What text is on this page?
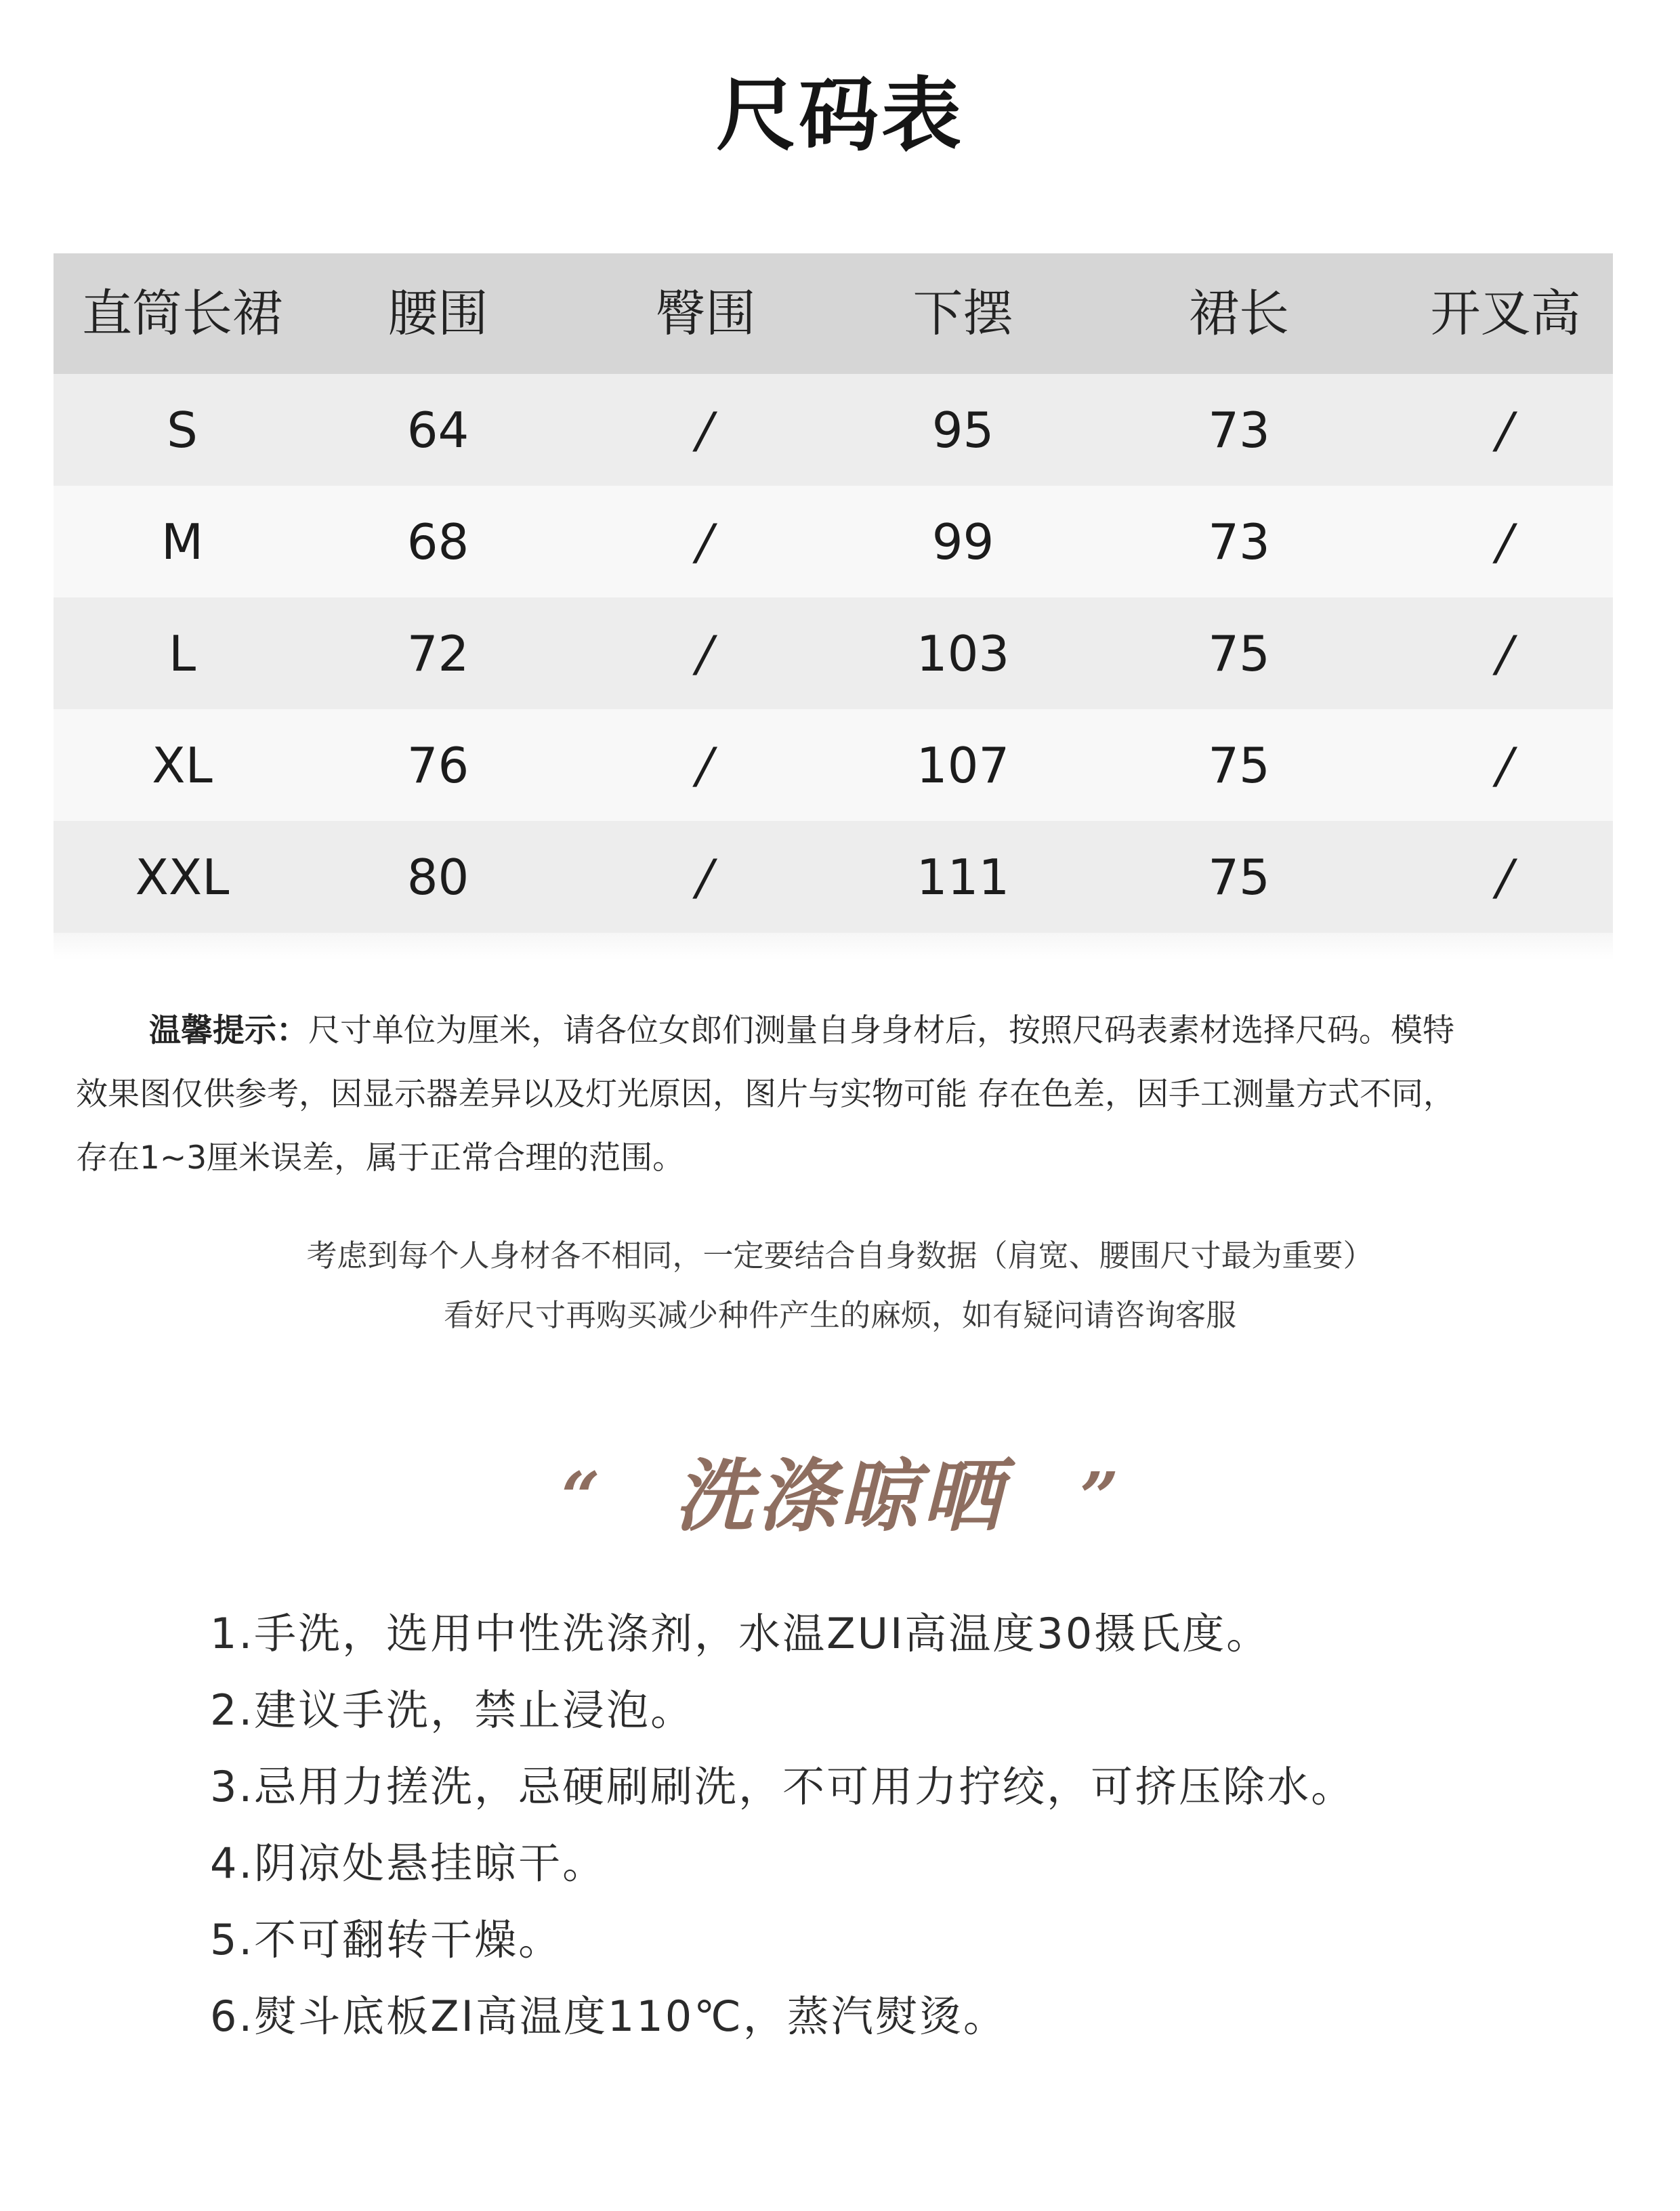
尺码表
直筒长裙	腰围	臀围	下摆	裙长	开叉高
S	64	/	95	73	/
M	68	/	99	73	/
L	72	/	103	75	/
XL	76	/	107	75	/
XXL	80	/	111	75	/
温馨提示：尺寸单位为厘米，请各位女郎们测量自身身材后，按照尺码表素材选择尺码。模特
效果图仅供参考，因显示器差异以及灯光原因，图片与实物可能 存在色差，因手工测量方式不同，
存在1~3厘米误差，属于正常合理的范围。
考虑到每个人身材各不相同，一定要结合自身数据（肩宽、腰围尺寸最为重要）
看好尺寸再购买减少种件产生的麻烦，如有疑问请咨询客服
“ 洗涤晾晒 ”
1.手洗，选用中性洗涤剂，水温ZUI高温度30摄氏度。
2.建议手洗，禁止浸泡。
3.忌用力搓洗，忌硬刷刷洗，不可用力拧绞，可挤压除水。
4.阴凉处悬挂晾干。
5.不可翻转干燥。
6.熨斗底板ZI高温度110℃，蒸汽熨烫。
